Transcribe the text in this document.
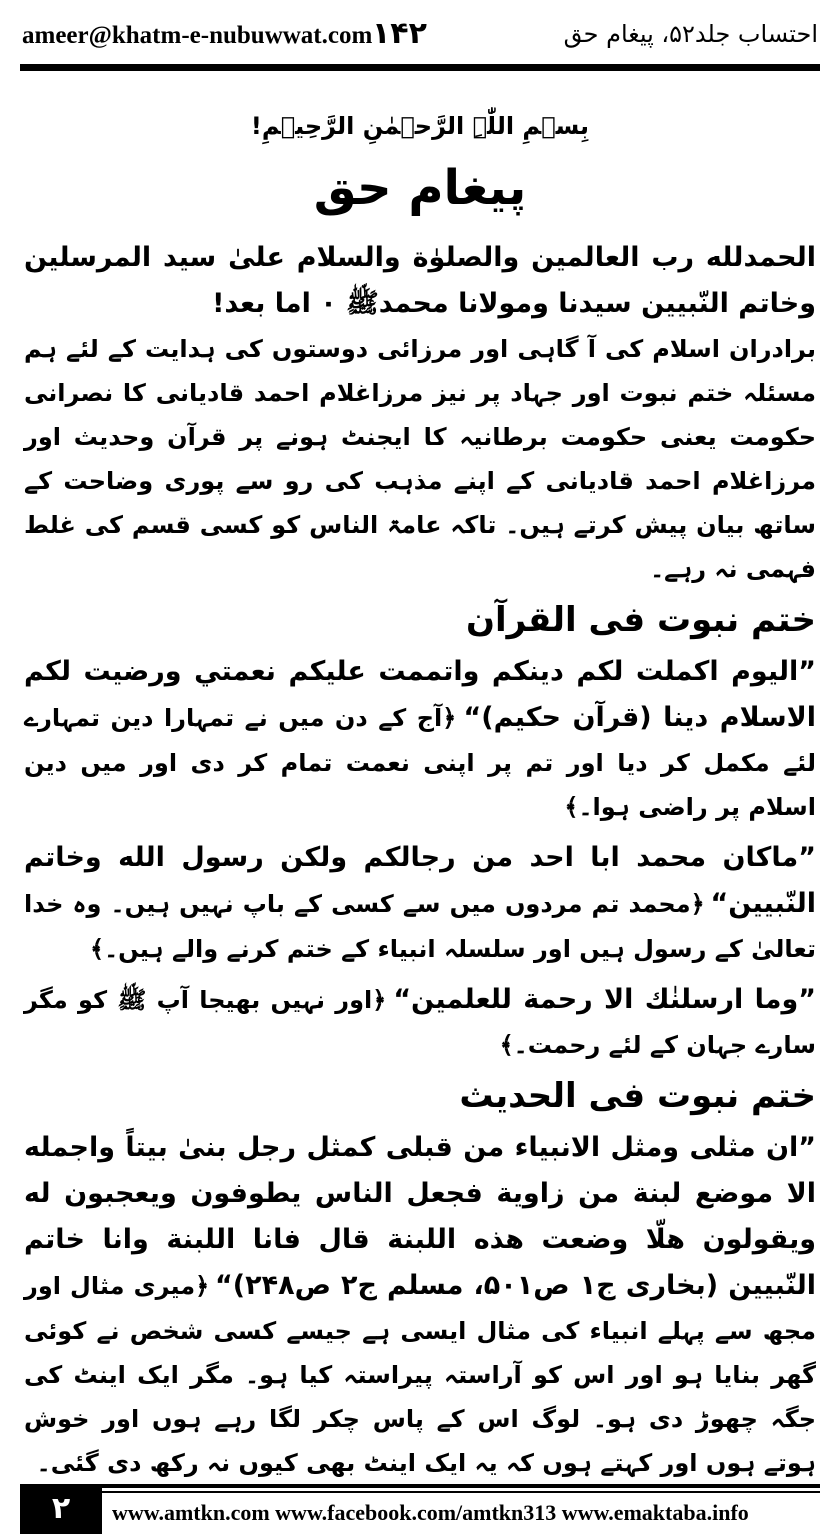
ameer@khatm-e-nubuwwat.com ۱۴۲	احتساب جلد۵۲، پیغام حق
بِسۡمِ اللّٰہِ الرَّحۡمٰنِ الرَّحِیۡمِ!
پیغام حق

الحمدلله رب العالمين والصلوٰة والسلام علىٰ سيد المرسلين وخاتم النّبيين سيدنا ومولانا محمدﷺ ۰ اما بعد!

برادران اسلام کی آ گاہی اور مرزائی دوستوں کی ہدایت کے لئے ہم مسئلہ ختم نبوت اور جہاد پر نیز مرزاغلام احمد قادیانی کا نصرانی حکومت یعنی حکومت برطانیہ کا ایجنٹ ہونے پر قرآن وحدیث اور مرزاغلام احمد قادیانی کے اپنے مذہب کی رو سے پوری وضاحت کے ساتھ بیان پیش کرتے ہیں۔ تاکہ عامۃ الناس کو کسی قسم کی غلط فہمی نہ رہے۔

ختم نبوت فی القرآن

”اليوم اكملت لكم دينكم واتممت عليكم نعمتي ورضيت لكم الاسلام دينا (قرآن حكيم)“ ﴿آج کے دن میں نے تمہارا دین تمہارے لئے مکمل کر دیا اور تم پر اپنی نعمت تمام کر دی اور میں دین اسلام پر راضی ہوا۔﴾

”ماكان محمد ابا احد من رجالكم ولكن رسول الله وخاتم النّبيين“ ﴿محمد تم مردوں میں سے کسی کے باپ نہیں ہیں۔ وہ خدا تعالیٰ کے رسول ہیں اور سلسلہ انبیاء کے ختم کرنے والے ہیں۔﴾

”وما ارسلنٰك الا رحمة للعلمين“ ﴿اور نہیں بھیجا آپ ﷺ کو مگر سارے جہان کے لئے رحمت۔﴾

ختم نبوت فی الحدیث

”ان مثلى ومثل الانبياء من قبلى كمثل رجل بنىٰ بيتاً واجمله الا موضع لبنة من زاوية فجعل الناس يطوفون ويعجبون له ويقولون هلّا وضعت هذه اللبنة قال فانا اللبنة وانا خاتم النّبيين (بخارى ج۱ ص۵۰۱، مسلم ج۲ ص۲۴۸)“ ﴿میری مثال اور مجھ سے پہلے انبیاء کی مثال ایسی ہے جیسے کسی شخص نے کوئی گھر بنایا ہو اور اس کو آراستہ پیراستہ کیا ہو۔ مگر ایک اینٹ کی جگہ چھوڑ دی ہو۔ لوگ اس کے پاس چکر لگا رہے ہوں اور خوش ہوتے ہوں اور کہتے ہوں کہ یہ ایک اینٹ بھی کیوں نہ رکھ دی گئی۔

۲	www.amtkn.com www.facebook.com/amtkn313 www.emaktaba.info
